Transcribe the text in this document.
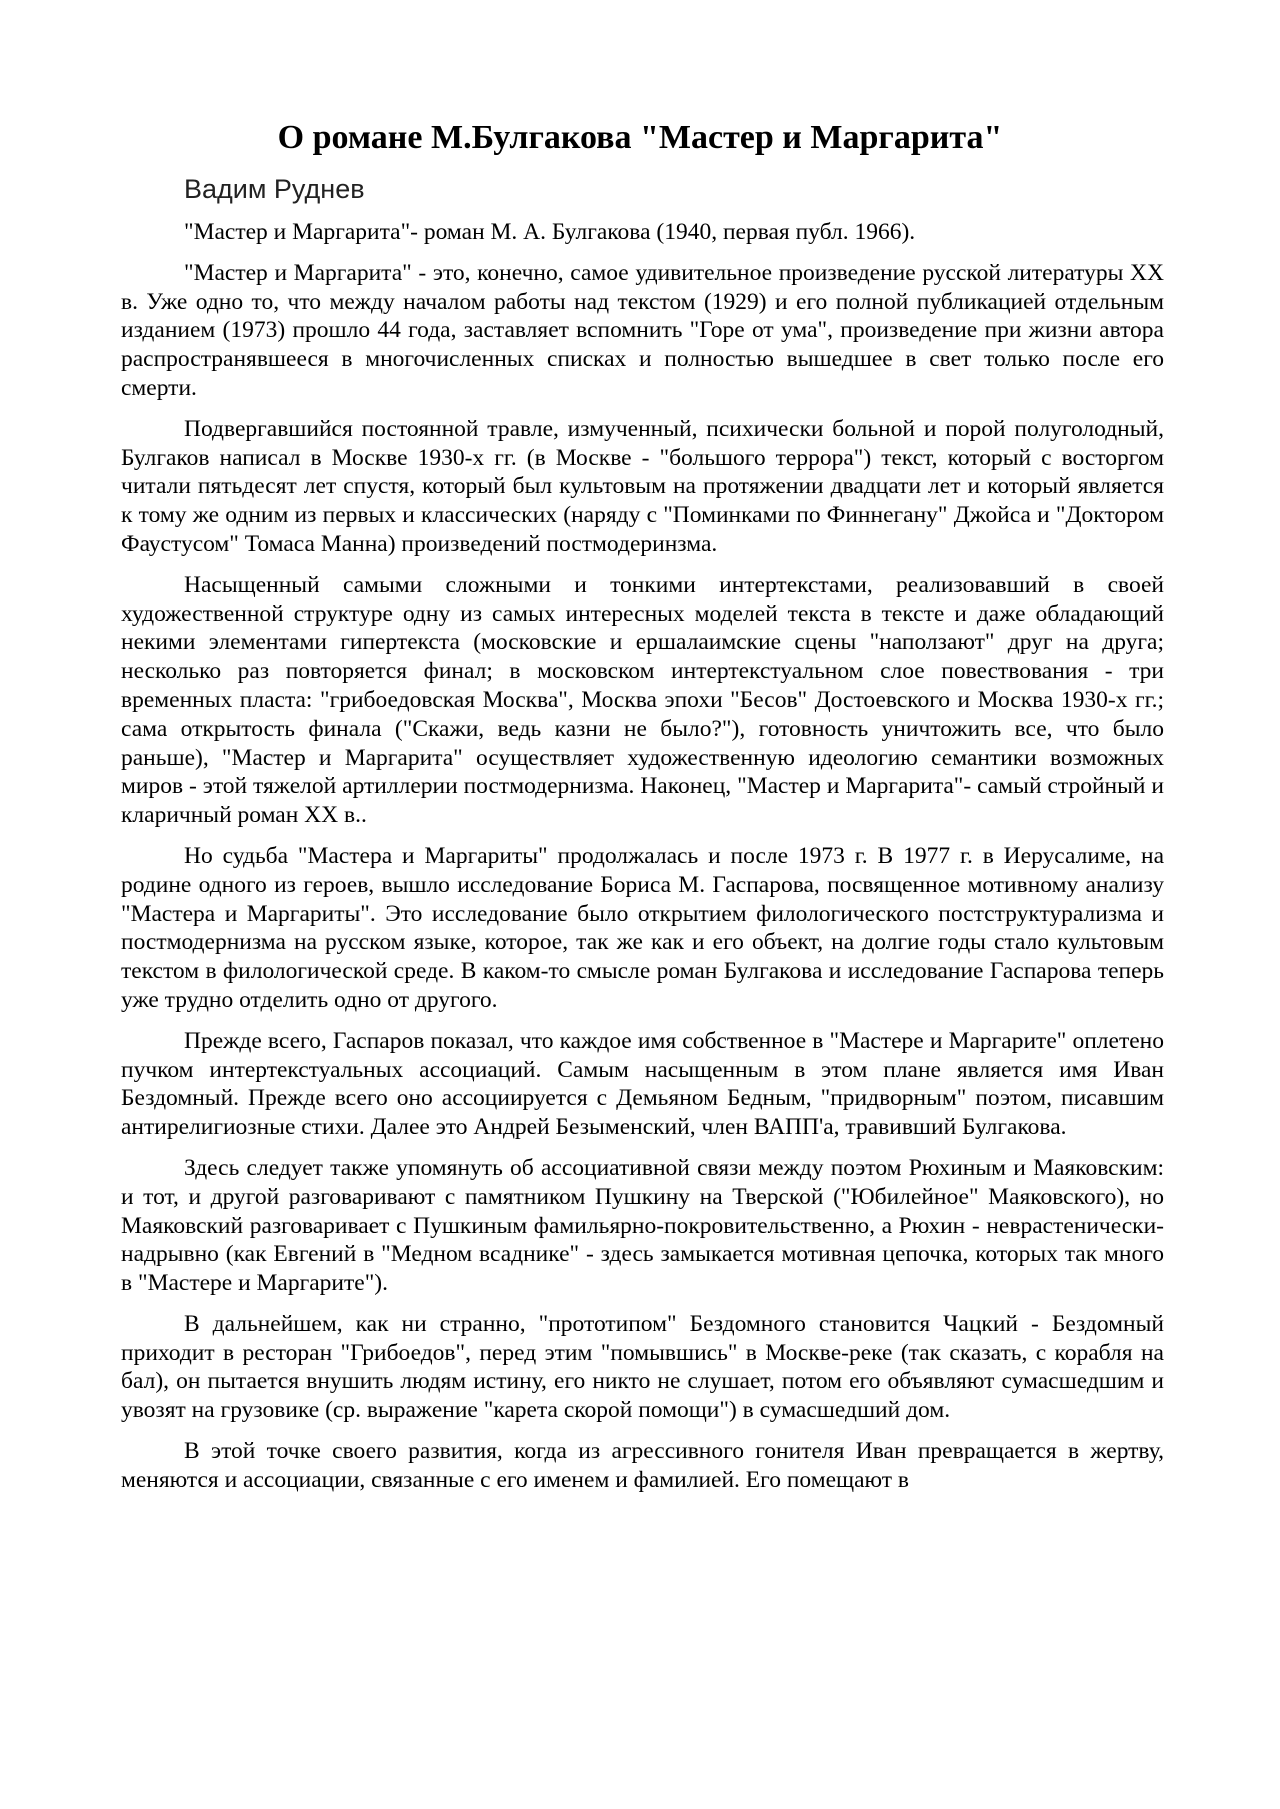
О романе М.Булгакова "Мастер и Маргарита"
Вадим Руднев

"Мастер и Маргарита"- роман М. А. Булгакова (1940, первая публ. 1966).

"Мастер и Маргарита" - это, конечно, самое удивительное произведение русской литературы XX в. Уже одно то, что между началом работы над текстом (1929) и его полной публикацией отдельным изданием (1973) прошло 44 года, заставляет вспомнить "Горе от ума", произведение при жизни автора распространявшееся в многочисленных списках и полностью вышедшее в свет только после его смерти.

Подвергавшийся постоянной травле, измученный, психически больной и порой полуголодный, Булгаков написал в Москве 1930-х гг. (в Москве - "большого террора") текст, который с восторгом читали пятьдесят лет спустя, который был культовым на протяжении двадцати лет и который является к тому же одним из первых и классических (наряду с "Поминками по Финнегану" Джойса и "Доктором Фаустусом" Томаса Манна) произведений постмодеринзма.

Насыщенный самыми сложными и тонкими интертекстами, реализовавший в своей художественной структуре одну из самых интересных моделей текста в тексте и даже обладающий некими элементами гипертекста (московские и ершалаимские сцены "наползают" друг на друга; несколько раз повторяется финал; в московском интертекстуальном слое повествования - три временных пласта: "грибоедовская Москва", Москва эпохи "Бесов" Достоевского и Москва 1930-х гг.; сама открытость финала ("Скажи, ведь казни не было?"), готовность уничтожить все, что было раньше), "Мастер и Маргарита" осуществляет художественную идеологию семантики возможных миров - этой тяжелой артиллерии постмодернизма. Наконец, "Мастер и Маргарита"- самый стройный и кларичный роман XX в..

Но судьба "Мастера и Маргариты" продолжалась и после 1973 г. В 1977 г. в Иерусалиме, на родине одного из героев, вышло исследование Бориса М. Гаспарова, посвященное мотивному анализу "Мастера и Маргариты". Это исследование было открытием филологического постструктурализма и постмодернизма на русском языке, которое, так же как и его объект, на долгие годы стало культовым текстом в филологической среде. В каком-то смысле роман Булгакова и исследование Гаспарова теперь уже трудно отделить одно от другого.

Прежде всего, Гаспаров показал, что каждое имя собственное в "Мастере и Маргарите" оплетено пучком интертекстуальных ассоциаций. Самым насыщенным в этом плане является имя Иван Бездомный. Прежде всего оно ассоциируется с Демьяном Бедным, "придворным" поэтом, писавшим антирелигиозные стихи. Далее это Андрей Безыменский, член ВАПП'а, травивший Булгакова.

Здесь следует также упомянуть об ассоциативной связи между поэтом Рюхиным и Маяковским: и тот, и другой разговаривают с памятником Пушкину на Тверской ("Юбилейное" Маяковского), но Маяковский разговаривает с Пушкиным фамильярно-покровительственно, а Рюхин - неврастенически-надрывно (как Евгений в "Медном всаднике" - здесь замыкается мотивная цепочка, которых так много в "Мастере и Маргарите").

В дальнейшем, как ни странно, "прототипом" Бездомного становится Чацкий - Бездомный приходит в ресторан "Грибоедов", перед этим "помывшись" в Москве-реке (так сказать, с корабля на бал), он пытается внушить людям истину, его никто не слушает, потом его объявляют сумасшедшим и увозят на грузовике (ср. выражение "карета скорой помощи") в сумасшедший дом.

В этой точке своего развития, когда из агрессивного гонителя Иван превращается в жертву, меняются и ассоциации, связанные с его именем и фамилией. Его помещают в
